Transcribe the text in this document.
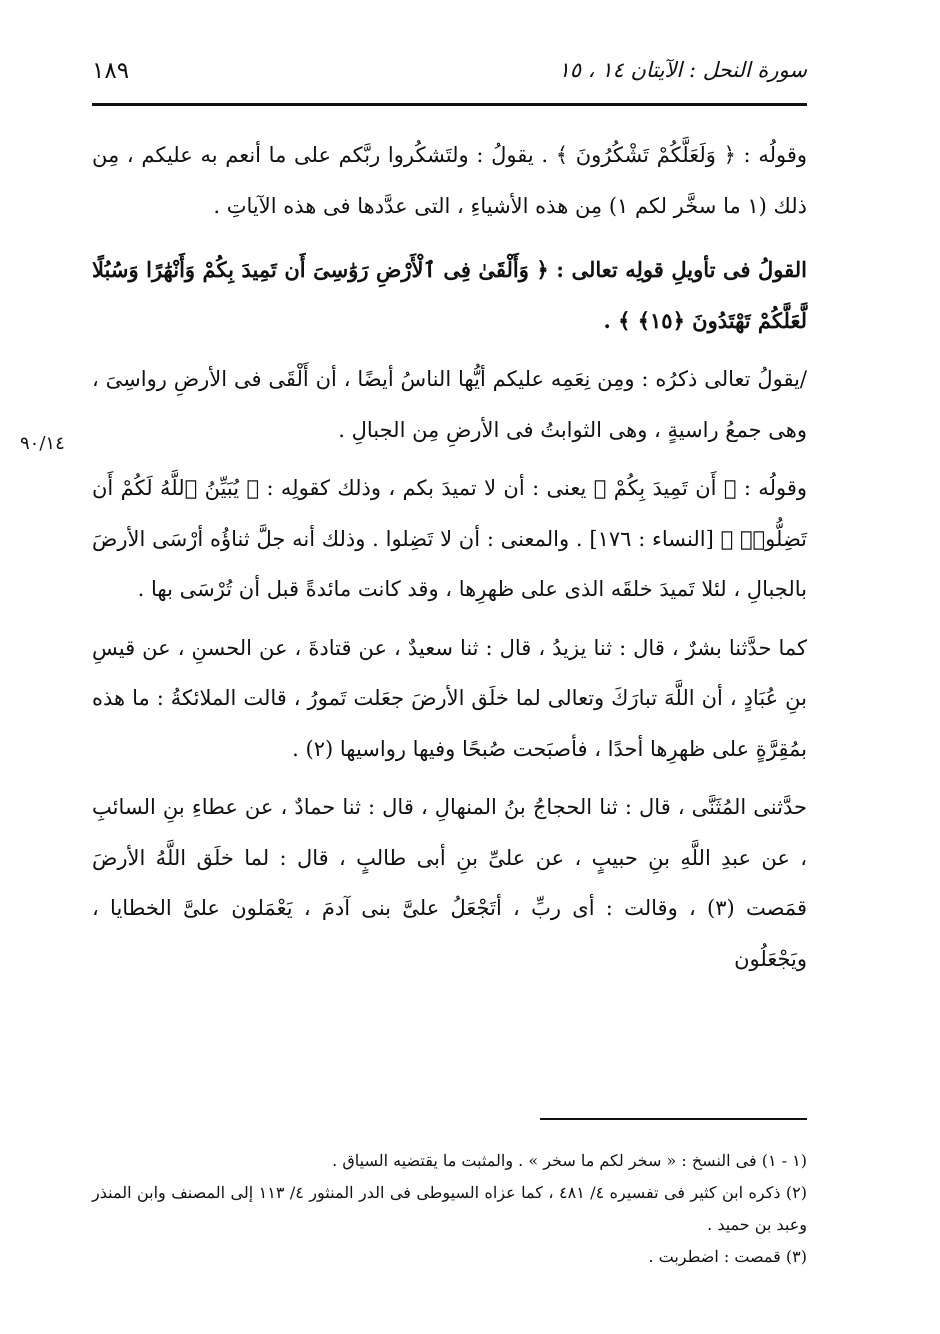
سورة النحل : الآيتان ١٤ ، ١٥
١٨٩
٩٠/١٤

وقولُه : ﴿ وَلَعَلَّكُمْ تَشْكُرُونَ ﴾ . يقولُ : ولتَشكُروا ربَّكم على ما أنعم به عليكم ، مِن ذلك (١ ما سخَّر لكم ١) مِن هذه الأشياءِ ، التى عدَّدها فى هذه الآياتِ .

القولُ فى تأويلِ قولِه تعالى : ﴿ وَأَلْقَىٰ فِى ٱلْأَرْضِ رَوَٰسِىَ أَن تَمِيدَ بِكُمْ وَأَنْهَٰرًا وَسُبُلًا لَّعَلَّكُمْ تَهْتَدُونَ ﴿١٥﴾ ﴾ .

/يقولُ تعالى ذكرُه : ومِن نِعَمِه عليكم أيُّها الناسُ أيضًا ، أن أَلْقَى فى الأرضِ رواسِىَ ، وهى جمعُ راسيةٍ ، وهى الثوابتُ فى الأرضِ مِن الجبالِ .

وقولُه : ﴿ أَن تَمِيدَ بِكُمْ ﴾ يعنى : أن لا تميدَ بكم ، وذلك كقولِه : ﴿ يُبَيِّنُ ٱللَّهُ لَكُمْ أَن تَضِلُّوا۟ ﴾ [النساء : ١٧٦] . والمعنى : أن لا تَضِلوا . وذلك أنه جلَّ ثناؤُه أرْسَى الأرضَ بالجبالِ ، لئلا تَميدَ خلقَه الذى على ظهرِها ، وقد كانت مائدةً قبل أن تُرْسَى بها .

كما حدَّثنا بشرٌ ، قال : ثنا يزيدُ ، قال : ثنا سعيدٌ ، عن قتادةَ ، عن الحسنِ ، عن قيسِ بنِ عُبَادٍ ، أن اللَّهَ تبارَكَ وتعالى لما خلَق الأرضَ جعَلت تَمورُ ، قالت الملائكةُ : ما هذه بمُقِرَّةٍ على ظهرِها أحدًا ، فأصبَحت صُبحًا وفيها رواسيها (٢) .

حدَّثنى المُثَنَّى ، قال : ثنا الحجاجُ بنُ المنهالِ ، قال : ثنا حمادٌ ، عن عطاءِ بنِ السائبِ ، عن عبدِ اللَّهِ بنِ حبيبٍ ، عن علىِّ بنِ أبى طالبٍ ، قال : لما خلَق اللَّهُ الأرضَ قمَصت (٣) ، وقالت : أى ربِّ ، أتَجْعَلُ علىَّ بنى آدمَ ، يَعْمَلون علىَّ الخطايا ، ويَجْعَلُون

(١ - ١) فى النسخ : « سخر لكم ما سخر » . والمثبت ما يقتضيه السياق .

(٢) ذكره ابن كثير فى تفسيره ٤/ ٤٨١ ، كما عزاه السيوطى فى الدر المنثور ٤/ ١١٣ إلى المصنف وابن المنذر وعبد بن حميد .

(٣) قمصت : اضطربت .
